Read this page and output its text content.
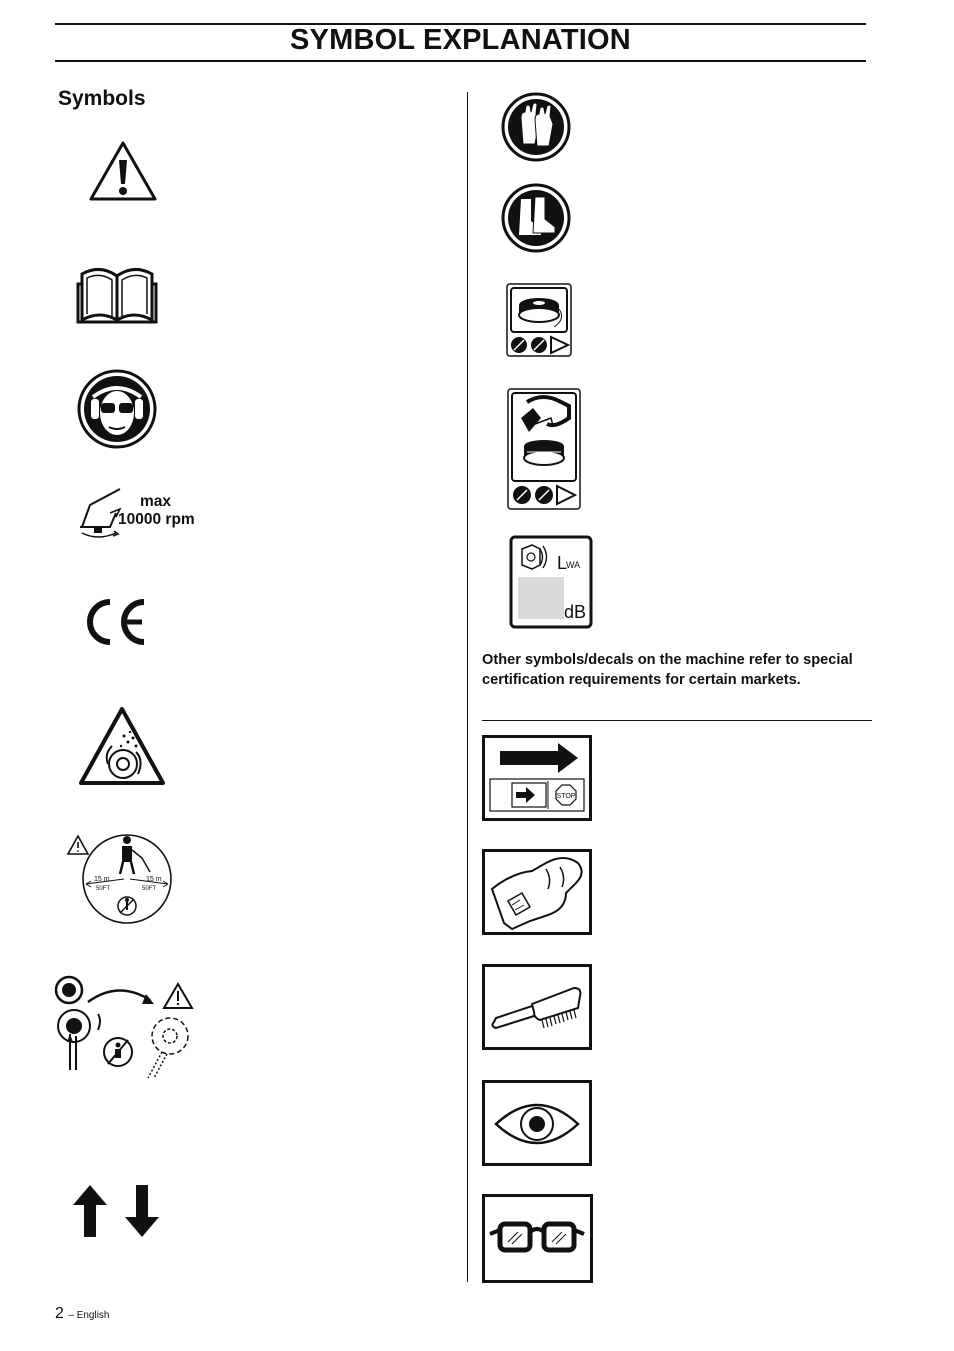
SYMBOL EXPLANATION
Symbols
max
10000 rpm
15 m
50FT
15 m
50FT
L
WA
dB
Other symbols/decals on the machine refer to special certification requirements for certain markets.
STOP
2 – English
